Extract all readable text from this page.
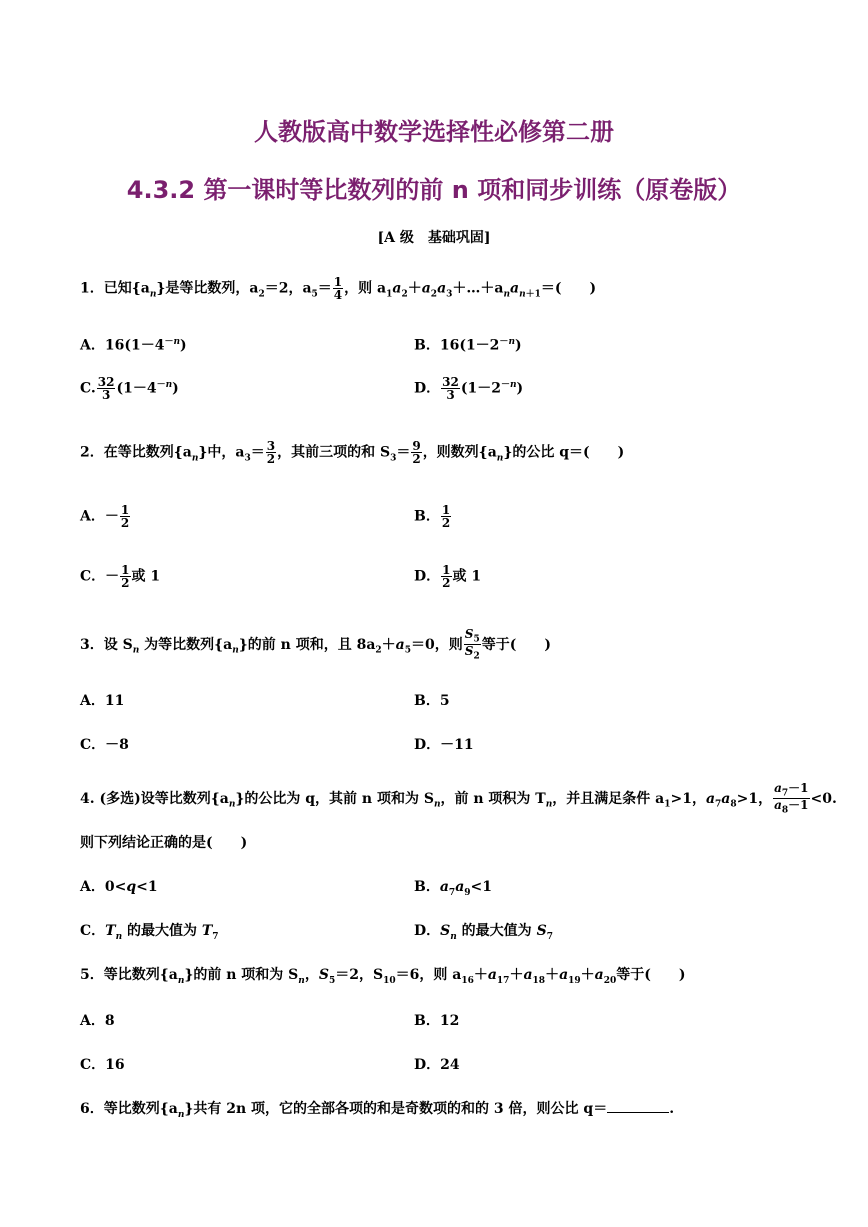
人教版高中数学选择性必修第二册
4.3.2 第一课时等比数列的前 n 项和同步训练（原卷版）
[A 级　基础巩固]
1．已知$\{a_n\}$是等比数列，$a_2=2$，$a_5= \frac{1}{4}$ ，则 $a_1a_2+a_2a_3+\dots+a_na_{n+1}=$(　　)
A．$16(1-4^{-n})$	B．$16(1-2^{-n})$
C. $\frac{32}{3} (1-4^{-n})$	D． $\frac{32}{3} (1-2^{-n})$
2．在等比数列$\{a_n\}$中，$a_3= \frac{3}{2}$ ，其前三项的和 $S_3= \frac{9}{2}$ ，则数列$\{a_n\}$的公比 q＝(　　)
A．－ $\frac{1}{2}$	B． $\frac{1}{2}$
C．－ $\frac{1}{2}$ 或 1	D． $\frac{1}{2}$ 或 1
3．设 $S_n$ 为等比数列$\{a_n\}$的前 n 项和，且 $8a_2+a_5=0$，则 $\frac{S_5}{S_2}$ 等于(　　)
A．11	B．5
C．－8	D．－11
4. (多选)设等比数列$\{a_n\}$的公比为 q，其前 n 项和为 $S_n$，前 n 项积为 $T_n$，并且满足条件 $a_1>1$，$a_7a_8>1$， $\frac{a_7-1}{a_8-1} <0$.
则下列结论正确的是(　　)
A．0<q<1	B．$a_7a_9<1$
C．$T_n$ 的最大值为 $T_7$	D．$S_n$ 的最大值为 $S_7$
5．等比数列$\{a_n\}$的前 n 项和为 $S_n$，$S_5=2$，$S_{10}=6$，则 $a_{16}+a_{17}+a_{18}+a_{19}+a_{20}$等于(　　)
A．8	B．12
C．16	D．24
6．等比数列$\{a_n\}$共有 2n 项，它的全部各项的和是奇数项的和的 3 倍，则公比 q＝	.
